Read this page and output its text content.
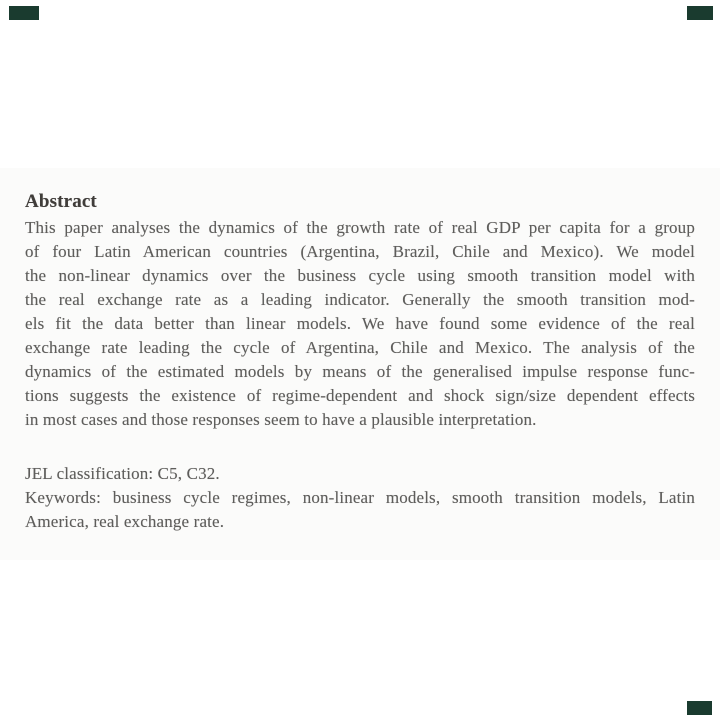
Abstract
This paper analyses the dynamics of the growth rate of real GDP per capita for a group
of four Latin American countries (Argentina, Brazil, Chile and Mexico). We model
the non-linear dynamics over the business cycle using smooth transition model with
the real exchange rate as a leading indicator. Generally the smooth transition mod-
els fit the data better than linear models. We have found some evidence of the real
exchange rate leading the cycle of Argentina, Chile and Mexico. The analysis of the
dynamics of the estimated models by means of the generalised impulse response func-
tions suggests the existence of regime-dependent and shock sign/size dependent effects
in most cases and those responses seem to have a plausible interpretation.
JEL classification: C5, C32.
Keywords: business cycle regimes, non-linear models, smooth transition models, Latin
America, real exchange rate.
